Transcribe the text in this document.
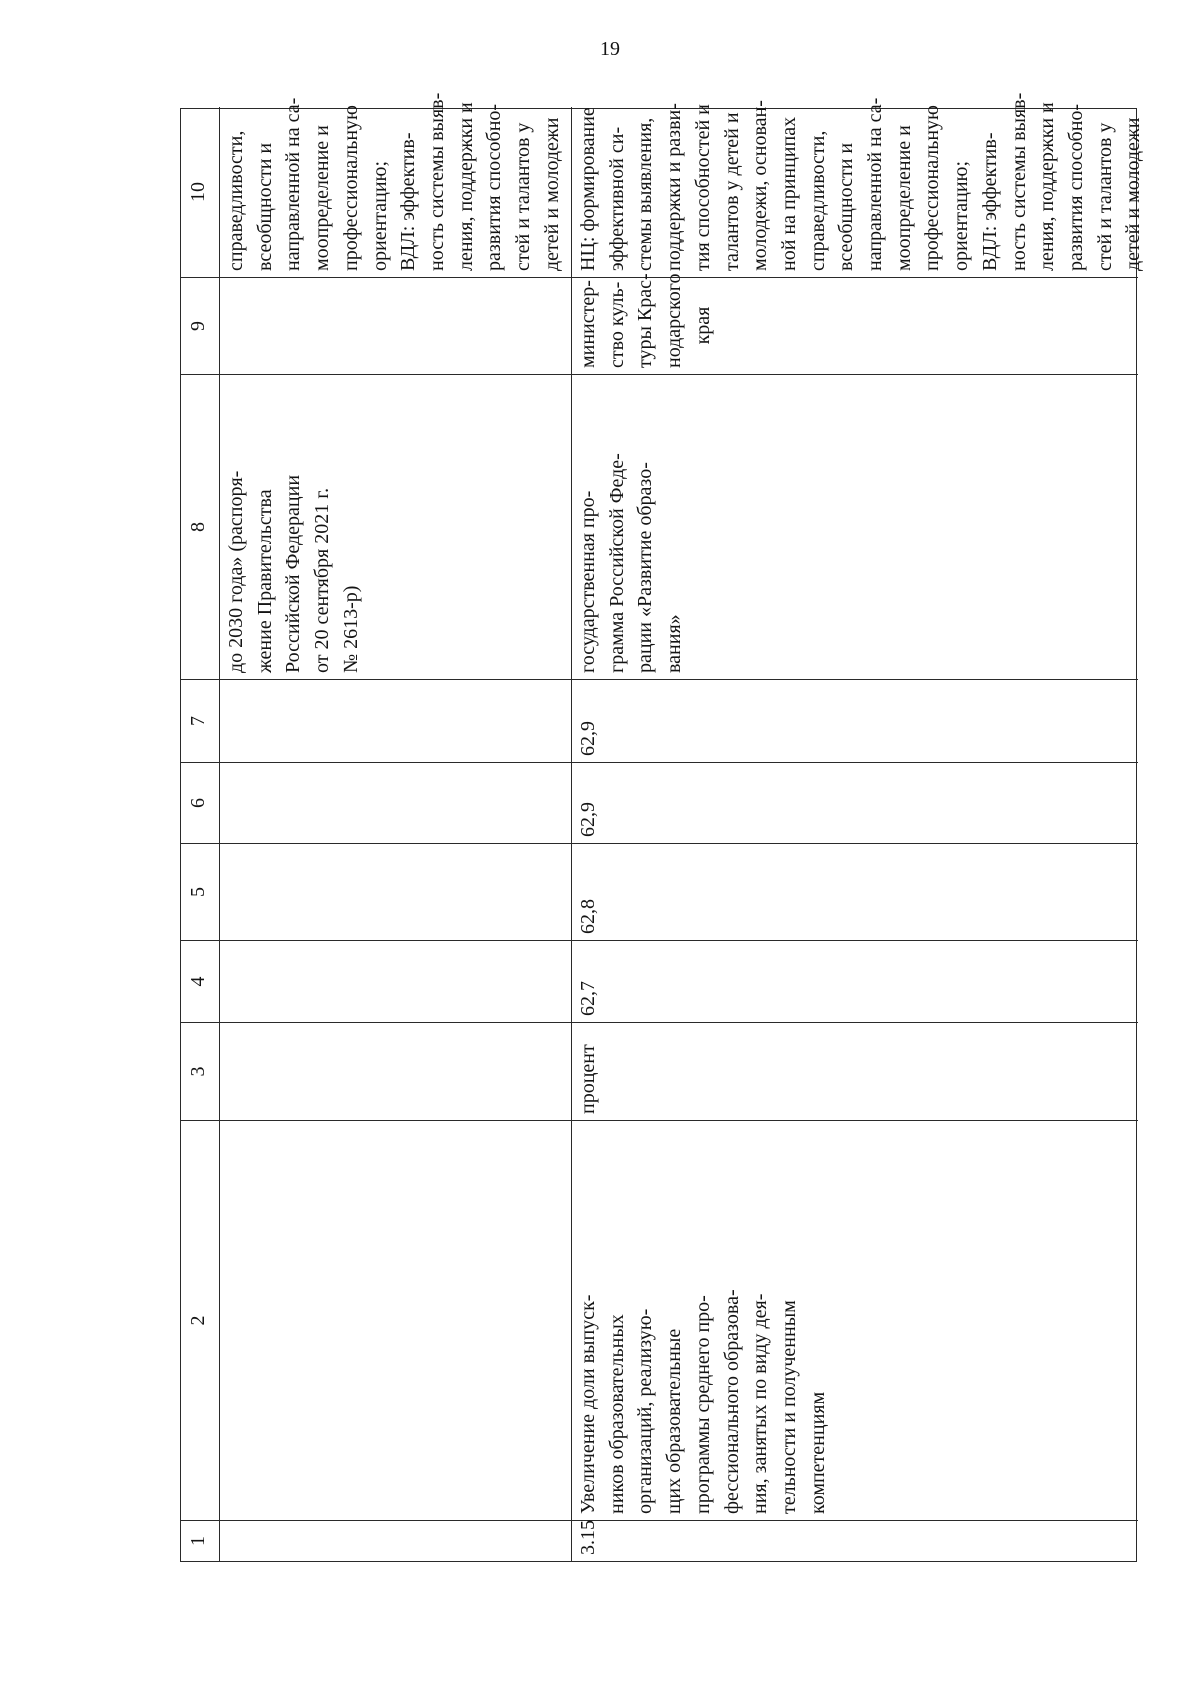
19
1
2
3
4
5
6
7
8
9
10
до 2030 года» (распоря- жение Правительства Российской Федерации от 20 сентября 2021 г. № 2613-р)
справедливости, всеобщности и направленной на са- моопределение и профессиональную ориентацию; ВДЛ: эффектив- ность системы выяв- ления, поддержки и развития способно- стей и талантов у детей и молодежи
3.15
Увеличение доли выпуск- ников образовательных организаций, реализую- щих образовательные программы среднего про- фессионального образова- ния, занятых по виду дея- тельности и полученным компетенциям
процент
62,7
62,8
62,9
62,9
государственная про- грамма Российской Феде- рации «Развитие образо- вания»
министер- ство куль- туры Крас- нодарского края
НЦ: формирование эффективной си- стемы выявления, поддержки и разви- тия способностей и талантов у детей и молодежи, основан- ной на принципах справедливости, всеобщности и направленной на са- моопределение и профессиональную ориентацию; ВДЛ: эффектив- ность системы выяв- ления, поддержки и развития способно- стей и талантов у детей и молодежи
